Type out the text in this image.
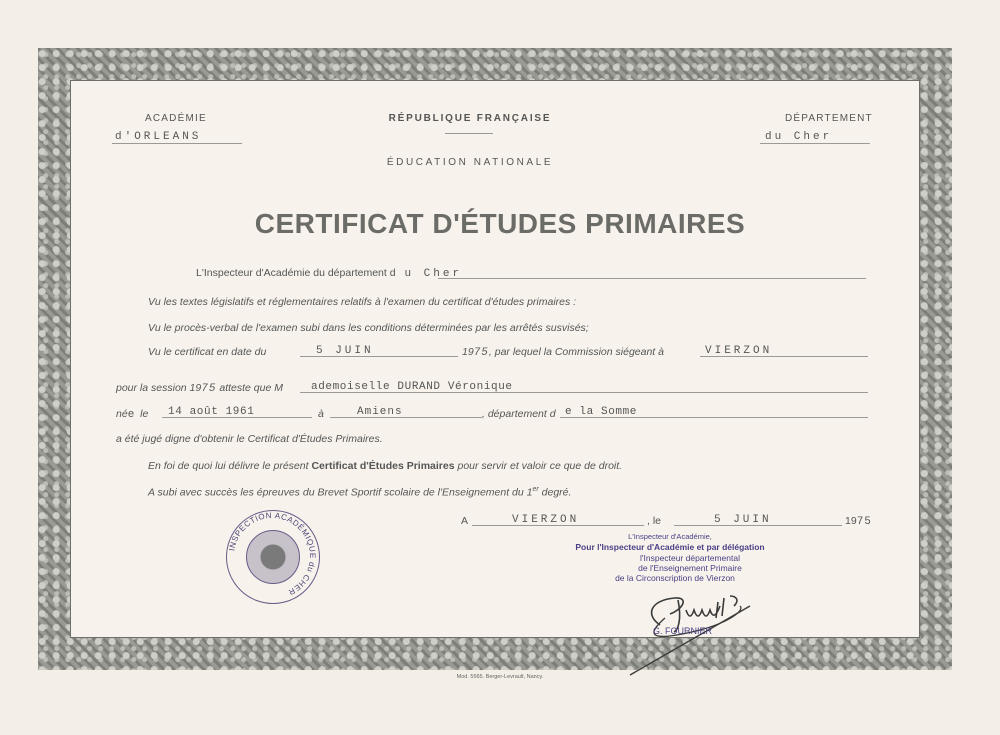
ACADÉMIE
d'ORLEANS
RÉPUBLIQUE FRANÇAISE	DÉPARTEMENT
du Cher
ÉDUCATION NATIONALE
CERTIFICAT D'ÉTUDES PRIMAIRES
L'Inspecteur d'Académie du département d u Cher
Vu les textes législatifs et réglementaires relatifs à l'examen du certificat d'études primaires :
Vu le procès-verbal de l'examen subi dans les conditions déterminées par les arrêtés susvisés;
Vu le certificat en date du	5 JUIN	1975, par lequel la Commission siégeant à	VIERZON
pour la session 1975 atteste que M	ademoiselle DURAND Véronique
née le 14 août 1961	à	Amiens	, département d e la Somme
a été jugé digne d'obtenir le Certificat d'Études Primaires.
En foi de quoi lui délivre le présent Certificat d'Études Primaires pour servir et valoir ce que de droit.
A subi avec succès les épreuves du Brevet Sportif scolaire de l'Enseignement du 1er degré.
A	VIERZON	, le	5 JUIN	1975
L'Inspecteur d'Académie,
Pour l'Inspecteur d'Académie et par délégation
l'Inspecteur départemental
de l'Enseignement Primaire
de la Circonscription de Vierzon
G. FOURNIER
INSPECTION ACADÉMIQUE du CHER
Mod. 5565. Berger-Levrault, Nancy.
